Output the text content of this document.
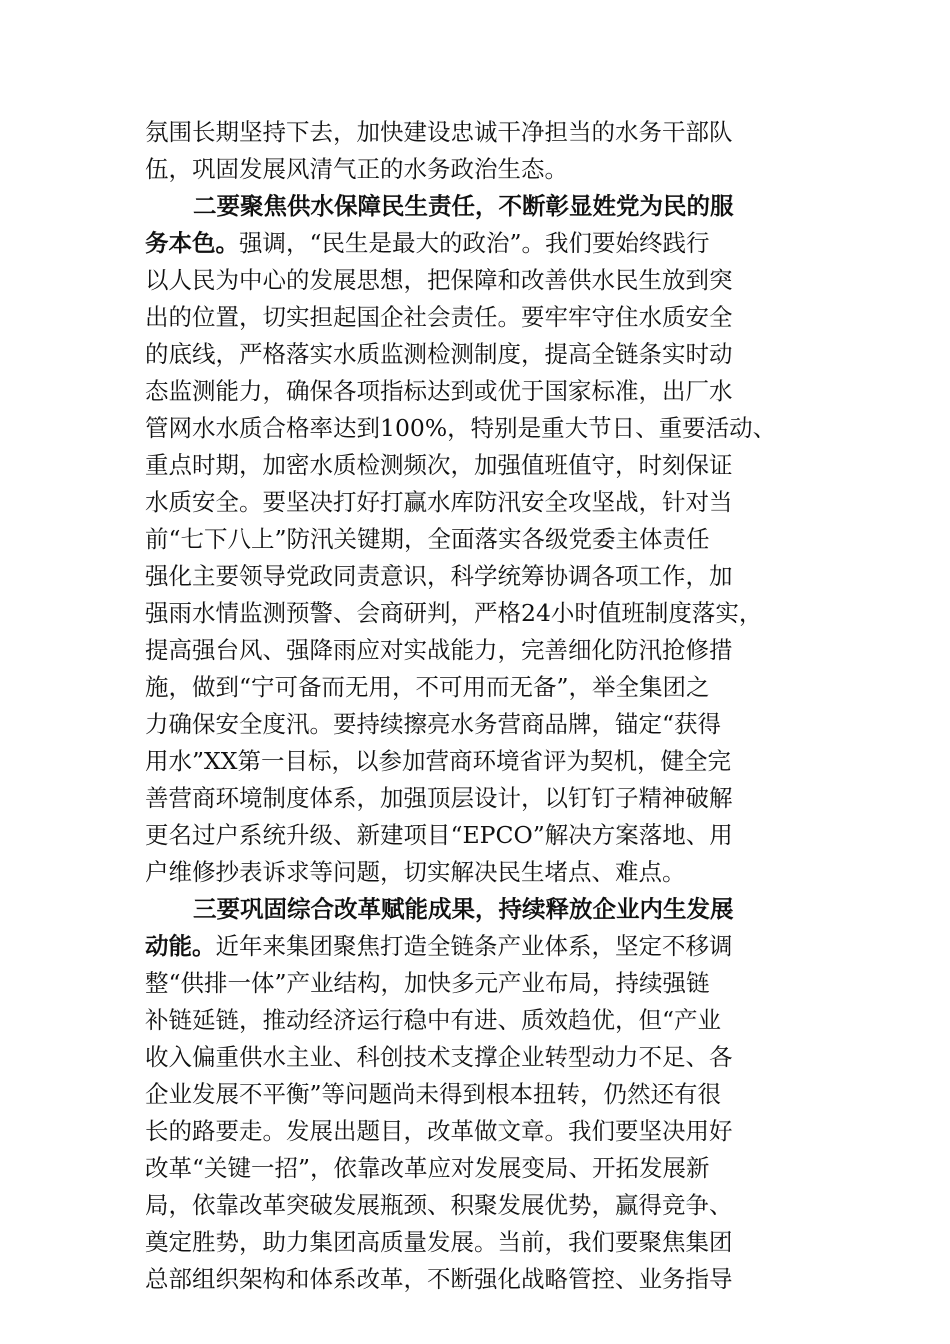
氛围长期坚持下去，加快建设忠诚干净担当的水务干部队
伍，巩固发展风清气正的水务政治生态。
二要聚焦供水保障民生责任，不断彰显姓党为民的服
务本色。强调，“民生是最大的政治”。我们要始终践行
以人民为中心的发展思想，把保障和改善供水民生放到突
出的位置，切实担起国企社会责任。要牢牢守住水质安全
的底线，严格落实水质监测检测制度，提高全链条实时动
态监测能力，确保各项指标达到或优于国家标准，出厂水
管网水水质合格率达到100%，特别是重大节日、重要活动、
重点时期，加密水质检测频次，加强值班值守，时刻保证
水质安全。要坚决打好打赢水库防汛安全攻坚战，针对当
前“七下八上”防汛关键期，全面落实各级党委主体责任
强化主要领导党政同责意识，科学统筹协调各项工作，加
强雨水情监测预警、会商研判，严格24小时值班制度落实，
提高强台风、强降雨应对实战能力，完善细化防汛抢修措
施，做到“宁可备而无用，不可用而无备”，举全集团之
力确保安全度汛。要持续擦亮水务营商品牌，锚定“获得
用水”XX第一目标，以参加营商环境省评为契机，健全完
善营商环境制度体系，加强顶层设计，以钉钉子精神破解
更名过户系统升级、新建项目“EPCO”解决方案落地、用
户维修抄表诉求等问题，切实解决民生堵点、难点。
三要巩固综合改革赋能成果，持续释放企业内生发展
动能。近年来集团聚焦打造全链条产业体系，坚定不移调
整“供排一体”产业结构，加快多元产业布局，持续强链
补链延链，推动经济运行稳中有进、质效趋优，但“产业
收入偏重供水主业、科创技术支撑企业转型动力不足、各
企业发展不平衡”等问题尚未得到根本扭转，仍然还有很
长的路要走。发展出题目，改革做文章。我们要坚决用好
改革“关键一招”，依靠改革应对发展变局、开拓发展新
局，依靠改革突破发展瓶颈、积聚发展优势，赢得竞争、
奠定胜势，助力集团高质量发展。当前，我们要聚焦集团
总部组织架构和体系改革，不断强化战略管控、业务指导
